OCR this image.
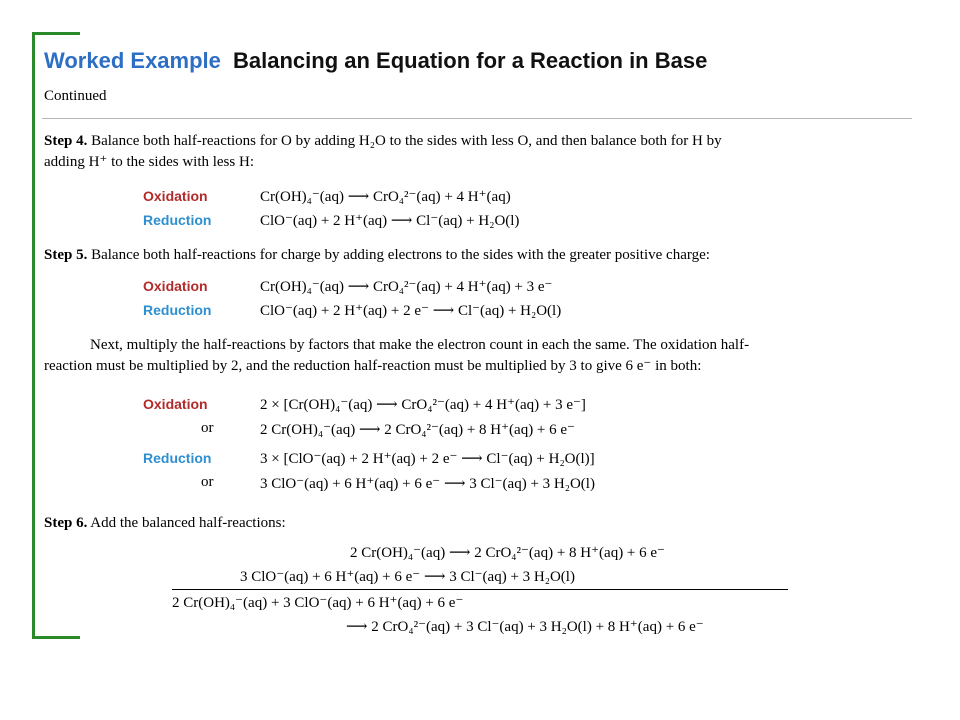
Worked Example Balancing an Equation for a Reaction in Base
Continued
Step 4. Balance both half-reactions for O by adding H₂O to the sides with less O, and then balance both for H by
adding H⁺ to the sides with less H:
Oxidation	Cr(OH)₄⁻(aq) ⟶ CrO₄²⁻(aq) + 4 H⁺(aq)
Reduction	ClO⁻(aq) + 2 H⁺(aq) ⟶ Cl⁻(aq) + H₂O(l)
Step 5. Balance both half-reactions for charge by adding electrons to the sides with the greater positive charge:
Oxidation	Cr(OH)₄⁻(aq) ⟶ CrO₄²⁻(aq) + 4 H⁺(aq) + 3 e⁻
Reduction	ClO⁻(aq) + 2 H⁺(aq) + 2 e⁻ ⟶ Cl⁻(aq) + H₂O(l)
Next, multiply the half-reactions by factors that make the electron count in each the same. The oxidation half-
reaction must be multiplied by 2, and the reduction half-reaction must be multiplied by 3 to give 6 e⁻ in both:
Oxidation	2 × [Cr(OH)₄⁻(aq) ⟶ CrO₄²⁻(aq) + 4 H⁺(aq) + 3 e⁻]
or	2 Cr(OH)₄⁻(aq) ⟶ 2 CrO₄²⁻(aq) + 8 H⁺(aq) + 6 e⁻
Reduction	3 × [ClO⁻(aq) + 2 H⁺(aq) + 2 e⁻ ⟶ Cl⁻(aq) + H₂O(l)]
or	3 ClO⁻(aq) + 6 H⁺(aq) + 6 e⁻ ⟶ 3 Cl⁻(aq) + 3 H₂O(l)
Step 6. Add the balanced half-reactions:
2 Cr(OH)₄⁻(aq) ⟶ 2 CrO₄²⁻(aq) + 8 H⁺(aq) + 6 e⁻
3 ClO⁻(aq) + 6 H⁺(aq) + 6 e⁻ ⟶ 3 Cl⁻(aq) + 3 H₂O(l)
2 Cr(OH)₄⁻(aq) + 3 ClO⁻(aq) + 6 H⁺(aq) + 6 e⁻
⟶ 2 CrO₄²⁻(aq) + 3 Cl⁻(aq) + 3 H₂O(l) + 8 H⁺(aq) + 6 e⁻
